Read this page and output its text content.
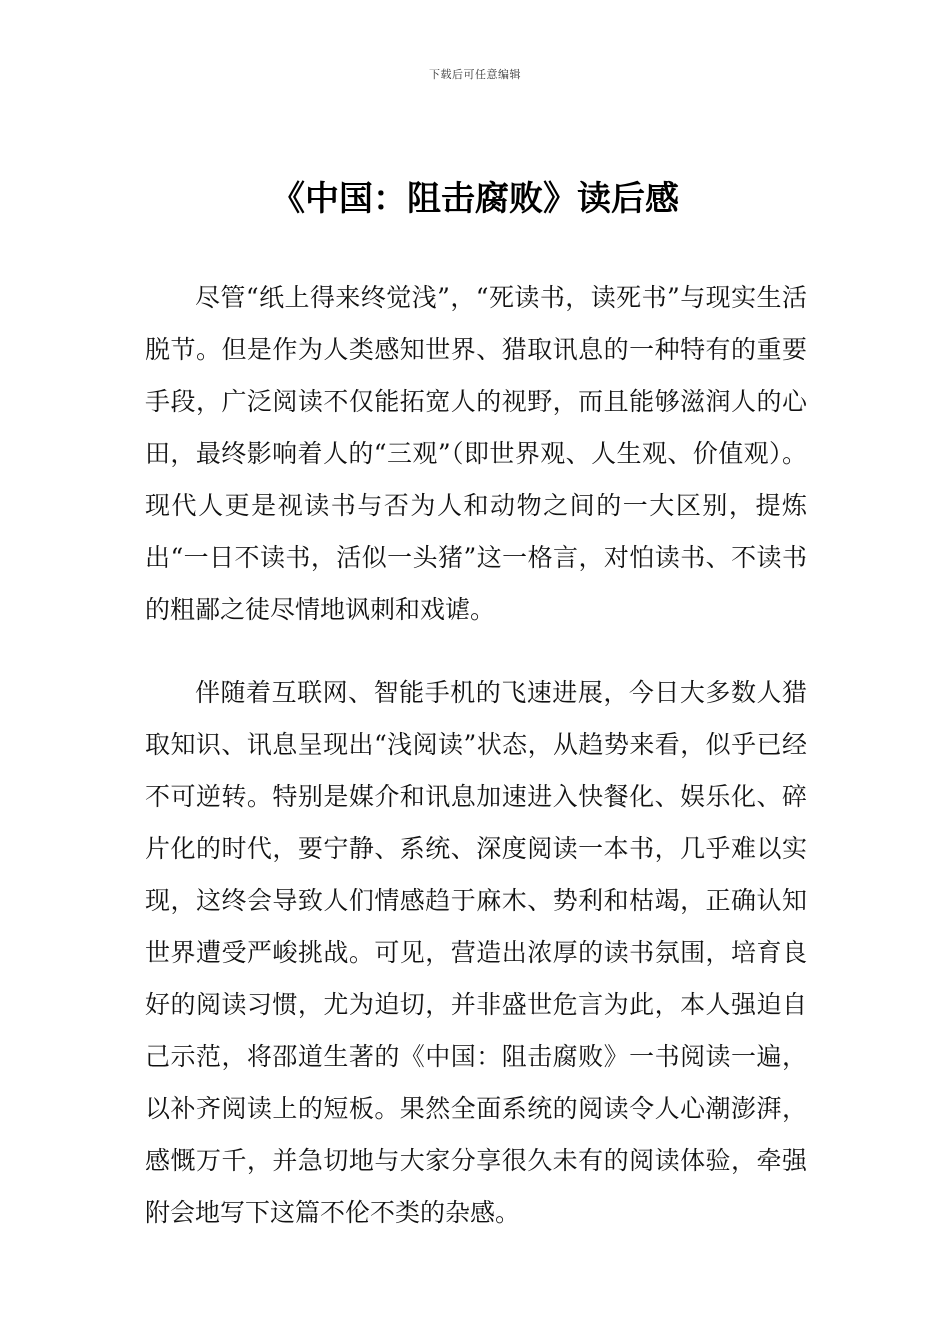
下载后可任意编辑
《中国：阻击腐败》读后感

尽管“纸上得来终觉浅”，“死读书，读死书”与现实生活脱节。但是作为人类感知世界、猎取讯息的一种特有的重要手段，广泛阅读不仅能拓宽人的视野，而且能够滋润人的心田，最终影响着人的“三观”（即世界观、人生观、价值观）。现代人更是视读书与否为人和动物之间的一大区别，提炼出“一日不读书，活似一头猪”这一格言，对怕读书、不读书的粗鄙之徒尽情地讽刺和戏谑。

伴随着互联网、智能手机的飞速进展，今日大多数人猎取知识、讯息呈现出“浅阅读”状态，从趋势来看，似乎已经不可逆转。特别是媒介和讯息加速进入快餐化、娱乐化、碎片化的时代，要宁静、系统、深度阅读一本书，几乎难以实现，这终会导致人们情感趋于麻木、势利和枯竭，正确认知世界遭受严峻挑战。可见，营造出浓厚的读书氛围，培育良好的阅读习惯，尤为迫切，并非盛世危言为此，本人强迫自己示范，将邵道生著的《中国：阻击腐败》一书阅读一遍，以补齐阅读上的短板。果然全面系统的阅读令人心潮澎湃，感慨万千，并急切地与大家分享很久未有的阅读体验，牵强附会地写下这篇不伦不类的杂感。
